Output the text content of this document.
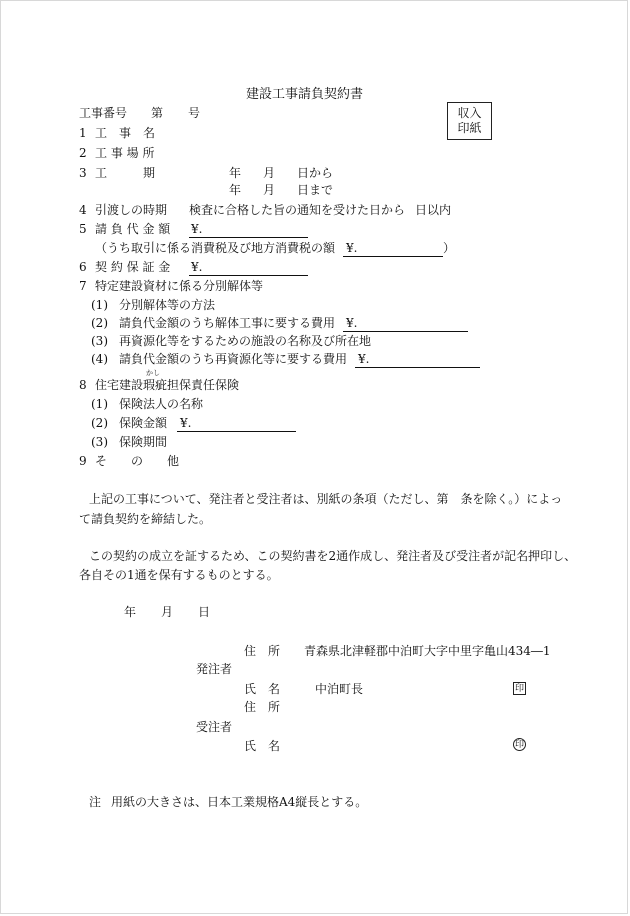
建設工事請負契約書
収入
印紙
工事番号 第 号
1 工　事　名
2 工 事 場 所
3 工　　　期	年 月 日から
年 月 日まで
4 引渡しの時期 検査に合格した旨の通知を受けた日から 日以内
5 請 負 代 金 額 ¥.
（うち取引に係る消費税及び地方消費税の額 ¥.	）
6 契 約 保 証 金 ¥.
7 特定建設資材に係る分別解体等
(1) 分別解体等の方法
(2) 請負代金額のうち解体工事に要する費用 ¥.
(3) 再資源化等をするための施設の名称及び所在地
(4) 請負代金額のうち再資源化等に要する費用 ¥.
かし
8 住宅建設瑕疵担保責任保険
(1) 保険法人の名称
(2) 保険金額 ¥.
(3) 保険期間
9 そ　　の　　他
上記の工事について、発注者と受注者は、別紙の条項（ただし、第　条を除く。）によっ
て請負契約を締結した。
この契約の成立を証するため、この契約書を2通作成し、発注者及び受注者が記名押印し、
各自その1通を保有するものとする。
年 月 日
住　所 青森県北津軽郡中泊町大字中里字亀山434―1
発注者
氏　名	中泊町長	印
住　所
受注者
氏　名	印
注 用紙の大きさは、日本工業規格A4縦長とする。
